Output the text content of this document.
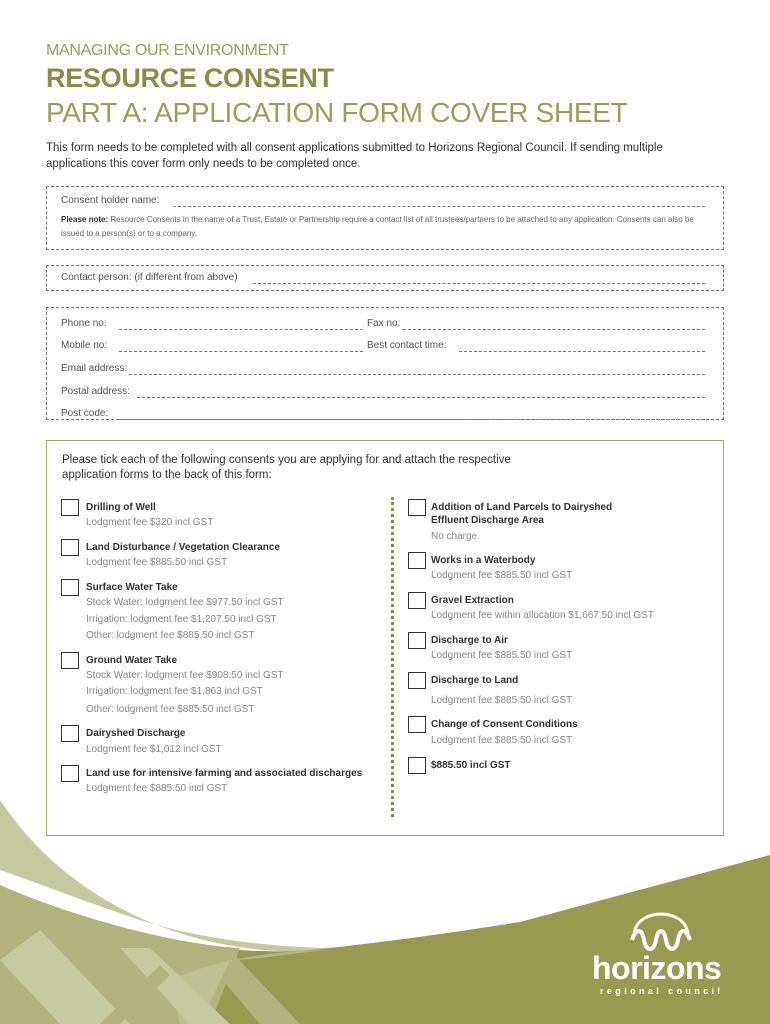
MANAGING OUR ENVIRONMENT
RESOURCE CONSENT
PART A: APPLICATION FORM COVER SHEET
This form needs to be completed with all consent applications submitted to Horizons Regional Council. If sending multiple applications this cover form only needs to be completed once.
Consent holder name:
Please note: Resource Consents in the name of a Trust, Estate or Partnership require a contact list of all trustees/partners to be attached to any application. Consents can also be issued to a person(s) or to a company.
Contact person: (if different from above)
Phone no:	Fax no:
Mobile no:	Best contact time:
Email address:
Postal address:
Post code:
Please tick each of the following consents you are applying for and attach the respective application forms to the back of this form:
Drilling of Well
Lodgment fee $320 incl GST
Land Disturbance / Vegetation Clearance
Lodgment fee $885.50 incl GST
Surface Water Take
Stock Water: lodgment fee $977.50 incl GST
Irrigation: lodgment fee $1,207.50 incl GST
Other: lodgment fee $885.50 incl GST
Ground Water Take
Stock Water: lodgment fee $908.50 incl GST
Irrigation: lodgment fee $1,863 incl GST
Other: lodgment fee $885.50 incl GST
Dairyshed Discharge
Lodgment fee $1,012 incl GST
Land use for intensive farming and associated discharges
Lodgment fee $885.50 incl GST
Addition of Land Parcels to Dairyshed
Effluent Discharge Area
No charge
Works in a Waterbody
Lodgment fee $885.50 incl GST
Gravel Extraction
Lodgment fee within allocation $1,667.50 incl GST
Discharge to Air
Lodgment fee $885.50 incl GST
Discharge to Land
Lodgment fee $885.50 incl GST
Change of Consent Conditions
Lodgment fee $885.50 incl GST
$885.50 incl GST
horizons
regional council
